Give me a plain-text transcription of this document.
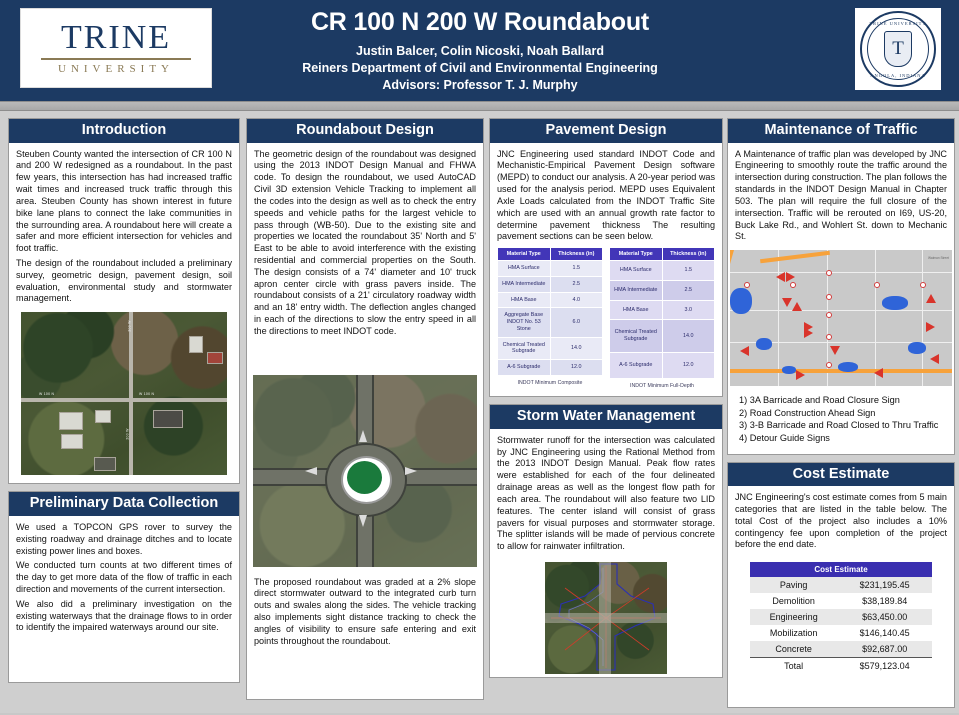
TRINE
UNIVERSITY
CR 100 N 200 W Roundabout
Justin Balcer, Colin Nicoski, Noah Ballard
Reiners Department of Civil and Environmental Engineering
Advisors: Professor T. J. Murphy
TRINE UNIVERSITY
T
ANGOLA, INDIANA
Introduction

Steuben County wanted the intersection of CR 100 N and 200 W redesigned as a roundabout. In the past few years, this intersection has had increased traffic wait times and increased truck traffic through this area. Steuben County has shown interest in future bike lane plans to connect the lake communities in the surrounding area. A roundabout here will create a safer and more efficient intersection for vehicles and foot traffic.

The design of the roundabout included a preliminary survey, geometric design, pavement design, soil evaluation, environmental study and stormwater management.

W 100 N	W 100 N
200 W
200 W
Preliminary Data Collection

We used a TOPCON GPS rover to survey the existing roadway and drainage ditches and to locate existing power lines and boxes.

We conducted turn counts at two different times of the day to get more data of the flow of traffic in each direction and movements of the current intersection.

We also did a preliminary investigation on the existing waterways that the drainage flows to in order to identify the impaired waterways around our site.

Roundabout Design

The geometric design of the roundabout was designed using the 2013 INDOT Design Manual and FHWA code. To design the roundabout, we used AutoCAD Civil 3D extension Vehicle Tracking to implement all the codes into the design as well as to check the entry speeds and vehicle paths for the largest vehicle to pass through (WB-50). Due to the existing site and properties we located the roundabout 35' North and 5' East to be able to avoid interference with the existing residential and commercial properties on the South. The design consists of a 74' diameter and 10' truck apron center circle with grass pavers inside. The roundabout consists of a 21' circulatory roadway width and an 18' entry width. The deflection angles changed in each of the directions to slow the entry speed in all the directions to meet INDOT code.

The proposed roundabout was graded at a 2% slope direct stormwater outward to the integrated curb turn outs and swales along the sides. The vehicle tracking also implements sight distance tracking to check the angles of visibility to ensure safe entering and exit points throughout the roundabout.

Pavement Design

JNC Engineering used standard INDOT Code and Mechanistic-Empirical Pavement Design software (MEPD) to conduct our analysis. A 20-year period was used for the analysis period. MEPD uses Equivalent Axle Loads calculated from the INDOT Traffic Site which are used with an annual growth rate factor to determine pavement thickness The resulting pavement sections can be seen below.

Material Type	Thickness (in)
HMA Surface	1.5
HMA Intermediate	2.5
HMA Base	4.0
Aggregate Base INDOT No. 53 Stone	6.0
Chemical Treated Subgrade	14.0
A-6 Subgrade	12.0
INDOT Minimum Composite
Material Type	Thickness (in)
HMA Surface	1.5
HMA Intermediate	2.5
HMA Base	3.0
Chemical Treated Subgrade	14.0
A-6 Subgrade	12.0
INDOT Minimum Full-Depth
Storm Water Management

Stormwater runoff for the intersection was calculated by JNC Engineering using the Rational Method from the 2013 INDOT Design Manual. Peak flow rates were established for each of the four delineated drainage areas as well as the longest flow path for each area. The roundabout will also feature two LID features. The center island will consist of grass pavers for visual purposes and stormwater storage. The splitter islands will be made of pervious concrete to allow for rainwater infiltration.

Maintenance of Traffic

A Maintenance of traffic plan was developed by JNC Engineering to smoothly route the traffic around the intersection during construction. The plan follows the standards in the INDOT Design Manual in Chapter 503. The plan will require the full closure of the intersection. Traffic will be rerouted on I69, US-20, Buck Lake Rd., and Wohlert St. down to Mechanic St.

Walman Street
1) 3A Barricade and Road Closure Sign
2) Road Construction Ahead Sign
3) 3-B Barricade and Road Closed to Thru Traffic
4) Detour Guide Signs
Cost Estimate

JNC Engineering's cost estimate comes from 5 main categories that are listed in the table below. The total Cost of the project also includes a 10% contingency fee upon completion of the project before the end date.

Cost Estimate	
Paving	$231,195.45
Demolition	$38,189.84
Engineering	$63,450.00
Mobilization	$146,140.45
Concrete	$92,687.00
Total	$579,123.04
